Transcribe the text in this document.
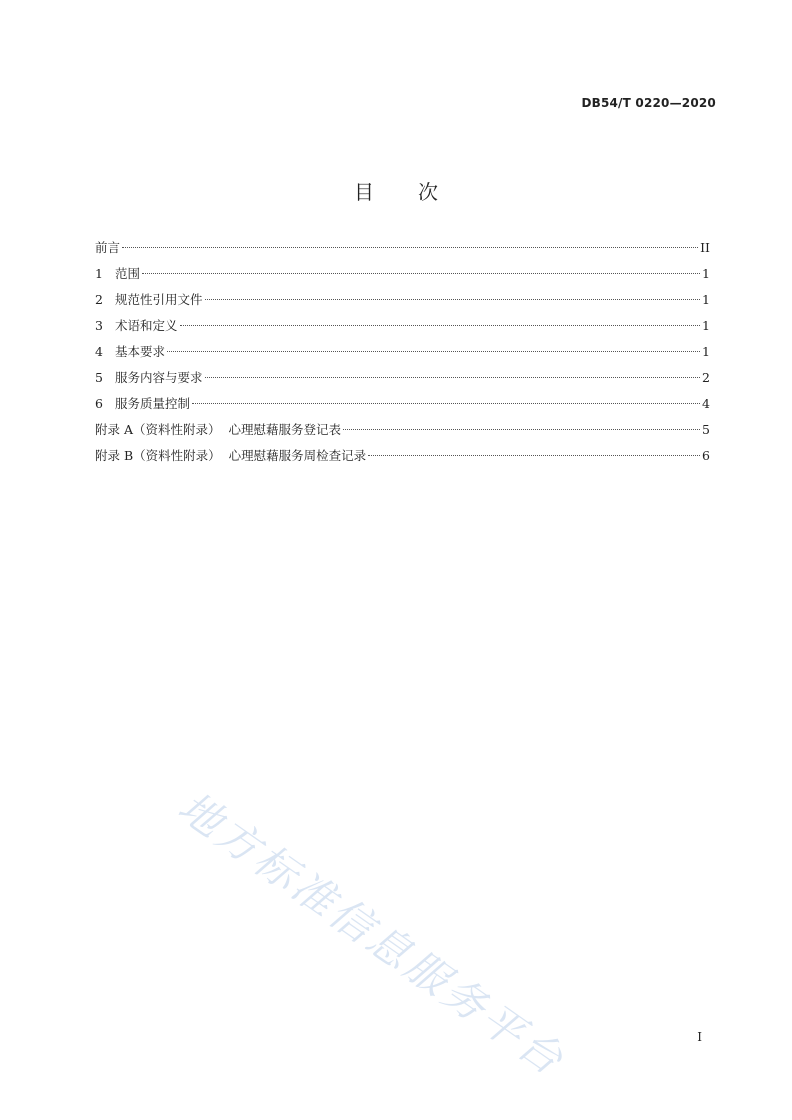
DB54/T 0220—2020
目次
前言	II
1 范围	1
2 规范性引用文件	1
3 术语和定义	1
4 基本要求	1
5 服务内容与要求	2
6 服务质量控制	4
附录 A（资料性附录）  心理慰藉服务登记表	5
附录 B（资料性附录）  心理慰藉服务周检查记录	6
地方标准信息服务平台	I
